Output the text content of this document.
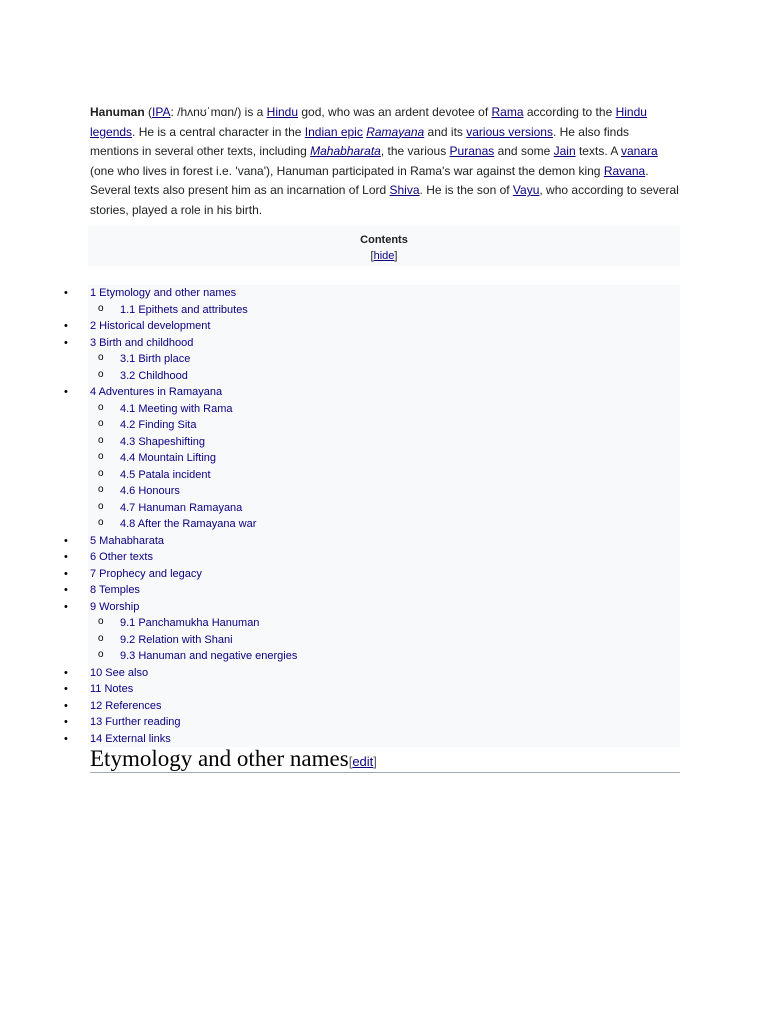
Hanuman (IPA: /hʌnʊˈmɑn/) is a Hindu god, who was an ardent devotee of Rama according to the Hindu legends. He is a central character in the Indian epic Ramayana and its various versions. He also finds mentions in several other texts, including Mahabharata, the various Puranas and some Jain texts. A vanara (one who lives in forest i.e. 'vana'), Hanuman participated in Rama's war against the demon king Ravana. Several texts also present him as an incarnation of Lord Shiva. He is the son of Vayu, who according to several stories, played a role in his birth.

Contents
[hide]
• 1 Etymology and other names
o 1.1 Epithets and attributes
• 2 Historical development
• 3 Birth and childhood
o 3.1 Birth place
o 3.2 Childhood
• 4 Adventures in Ramayana
o 4.1 Meeting with Rama
o 4.2 Finding Sita
o 4.3 Shapeshifting
o 4.4 Mountain Lifting
o 4.5 Patala incident
o 4.6 Honours
o 4.7 Hanuman Ramayana
o 4.8 After the Ramayana war
• 5 Mahabharata
• 6 Other texts
• 7 Prophecy and legacy
• 8 Temples
• 9 Worship
o 9.1 Panchamukha Hanuman
o 9.2 Relation with Shani
o 9.3 Hanuman and negative energies
• 10 See also
• 11 Notes
• 12 References
• 13 Further reading
• 14 External links
Etymology and other names[edit]
